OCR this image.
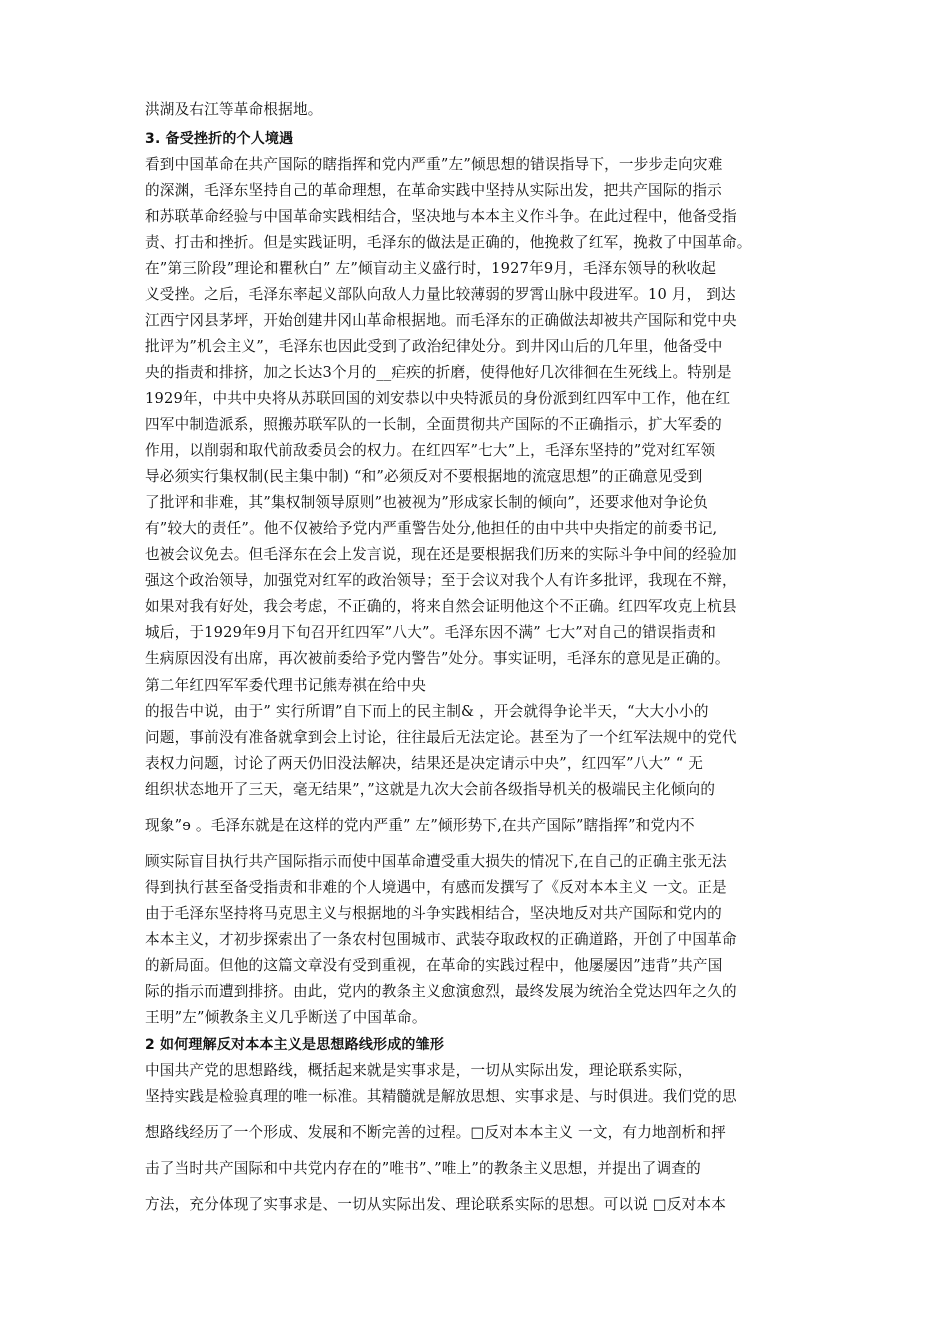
洪湖及右江等革命根据地。
3. 备受挫折的个人境遇
看到中国革命在共产国际的瞎指挥和党内严重”左”倾思想的错误指导下，一步步走向灾难
的深渊，毛泽东坚持自己的革命理想，在革命实践中坚持从实际出发，把共产国际的指示
和苏联革命经验与中国革命实践相结合，坚决地与本本主义作斗争。在此过程中，他备受指
责、打击和挫折。但是实践证明，毛泽东的做法是正确的，他挽救了红军，挽救了中国革命。
在”第三阶段”理论和瞿秋白” 左”倾盲动主义盛行时，1927年9月，毛泽东领导的秋收起
义受挫。之后，毛泽东率起义部队向敌人力量比较薄弱的罗霄山脉中段进军。10 月， 到达
江西宁冈县茅坪，开始创建井冈山革命根据地。而毛泽东的正确做法却被共产国际和党中央
批评为”机会主义”，毛泽东也因此受到了政治纪律处分。到井冈山后的几年里，他备受中
央的指责和排挤，加之长达3个月的__疟疾的折磨，使得他好几次徘徊在生死线上。特别是
1929年，中共中央将从苏联回国的刘安恭以中央特派员的身份派到红四军中工作，他在红
四军中制造派系，照搬苏联军队的一长制，全面贯彻共产国际的不正确指示，扩大军委的
作用，以削弱和取代前敌委员会的权力。在红四军”七大”上，毛泽东坚持的”党对红军领
导必须实行集权制(民主集中制) “和”必须反对不要根据地的流寇思想”的正确意见受到
了批评和非难，其”集权制领导原则”也被视为”形成家长制的倾向”，还要求他对争论负
有”较大的责任”。他不仅被给予党内严重警告处分,他担任的由中共中央指定的前委书记,
也被会议免去。但毛泽东在会上发言说，现在还是要根据我们历来的实际斗争中间的经验加
强这个政治领导，加强党对红军的政治领导；至于会议对我个人有许多批评，我现在不辩，
如果对我有好处，我会考虑，不正确的，将来自然会证明他这个不正确。红四军攻克上杭县
城后，于1929年9月下旬召开红四军”八大”。毛泽东因不满” 七大”对自己的错误指责和
生病原因没有出席，再次被前委给予党内警告”处分。事实证明，毛泽东的意见是正确的。
第二年红四军军委代理书记熊寿祺在给中央
的报告中说，由于” 实行所谓”自下而上的民主制& ，开会就得争论半天，“大大小小的
问题，事前没有准备就拿到会上讨论，往往最后无法定论。甚至为了一个红军法规中的党代
表权力问题，讨论了两天仍旧没法解决，结果还是决定请示中央”，红四军”八大” “ 无
组织状态地开了三天，毫无结果”，”这就是九次大会前各级指导机关的极端民主化倾向的
现象”ɘ 。毛泽东就是在这样的党内严重” 左”倾形势下,在共产国际”瞎指挥”和党内不
顾实际盲目执行共产国际指示而使中国革命遭受重大损失的情况下,在自己的正确主张无法
得到执行甚至备受指责和非难的个人境遇中，有感而发撰写了《反对本本主义 一文。正是
由于毛泽东坚持将马克思主义与根据地的斗争实践相结合，坚决地反对共产国际和党内的
本本主义，才初步探索出了一条农村包围城市、武装夺取政权的正确道路，开创了中国革命
的新局面。但他的这篇文章没有受到重视，在革命的实践过程中，他屡屡因”违背”共产国
际的指示而遭到排挤。由此，党内的教条主义愈演愈烈，最终发展为统治全党达四年之久的
王明”左”倾教条主义几乎断送了中国革命。
2 如何理解反对本本主义是思想路线形成的雏形
中国共产党的思想路线，概括起来就是实事求是，一切从实际出发，理论联系实际，
坚持实践是检验真理的唯一标准。其精髓就是解放思想、实事求是、与时俱进。我们党的思
想路线经历了一个形成、发展和不断完善的过程。□反对本本主义 一文，有力地剖析和抨
击了当时共产国际和中共党内存在的”唯书”、”唯上”的教条主义思想，并提出了调查的
方法，充分体现了实事求是、一切从实际出发、理论联系实际的思想。可以说 □反对本本
